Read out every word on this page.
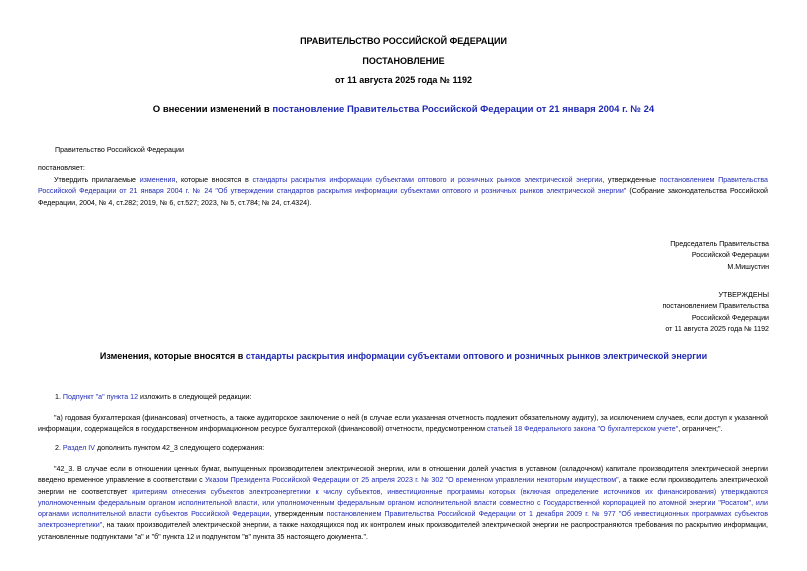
ПРАВИТЕЛЬСТВО РОССИЙСКОЙ ФЕДЕРАЦИИ
ПОСТАНОВЛЕНИЕ
от 11 августа 2025 года № 1192
О внесении изменений в постановление Правительства Российской Федерации от 21 января 2004 г. № 24
Правительство Российской Федерации
постановляет:
Утвердить прилагаемые изменения, которые вносятся в стандарты раскрытия информации субъектами оптового и розничных рынков электрической энергии, утвержденные постановлением Правительства Российской Федерации от 21 января 2004 г. № 24 "Об утверждении стандартов раскрытия информации субъектами оптового и розничных рынков электрической энергии" (Собрание законодательства Российской Федерации, 2004, № 4, ст.282; 2019, № 6, ст.527; 2023, № 5, ст.784; № 24, ст.4324).
Председатель Правительства
Российской Федерации
М.Мишустин
УТВЕРЖДЕНЫ
постановлением Правительства
Российской Федерации
от 11 августа 2025 года № 1192
Изменения, которые вносятся в стандарты раскрытия информации субъектами оптового и розничных рынков электрической энергии
1. Подпункт "а" пункта 12 изложить в следующей редакции:
"а) годовая бухгалтерская (финансовая) отчетность, а также аудиторское заключение о ней (в случае если указанная отчетность подлежит обязательному аудиту), за исключением случаев, если доступ к указанной информации, содержащейся в государственном информационном ресурсе бухгалтерской (финансовой) отчетности, предусмотренном статьей 18 Федерального закона "О бухгалтерском учете", ограничен;".
2. Раздел IV дополнить пунктом 42_3 следующего содержания:
"42_3. В случае если в отношении ценных бумаг, выпущенных производителем электрической энергии, или в отношении долей участия в уставном (складочном) капитале производителя электрической энергии введено временное управление в соответствии с Указом Президента Российской Федерации от 25 апреля 2023 г. № 302 "О временном управлении некоторым имуществом", а также если производитель электрической энергии не соответствует критериям отнесения субъектов электроэнергетики к числу субъектов, инвестиционные программы которых (включая определение источников их финансирования) утверждаются уполномоченным федеральным органом исполнительной власти, или уполномоченным федеральным органом исполнительной власти совместно с Государственной корпорацией по атомной энергии "Росатом", или органами исполнительной власти субъектов Российской Федерации, утвержденным постановлением Правительства Российской Федерации от 1 декабря 2009 г. № 977 "Об инвестиционных программах субъектов электроэнергетики", на таких производителей электрической энергии, а также находящихся под их контролем иных производителей электрической энергии не распространяются требования по раскрытию информации, установленные подпунктами "а" и "б" пункта 12 и подпунктом "в" пункта 35 настоящего документа.".
